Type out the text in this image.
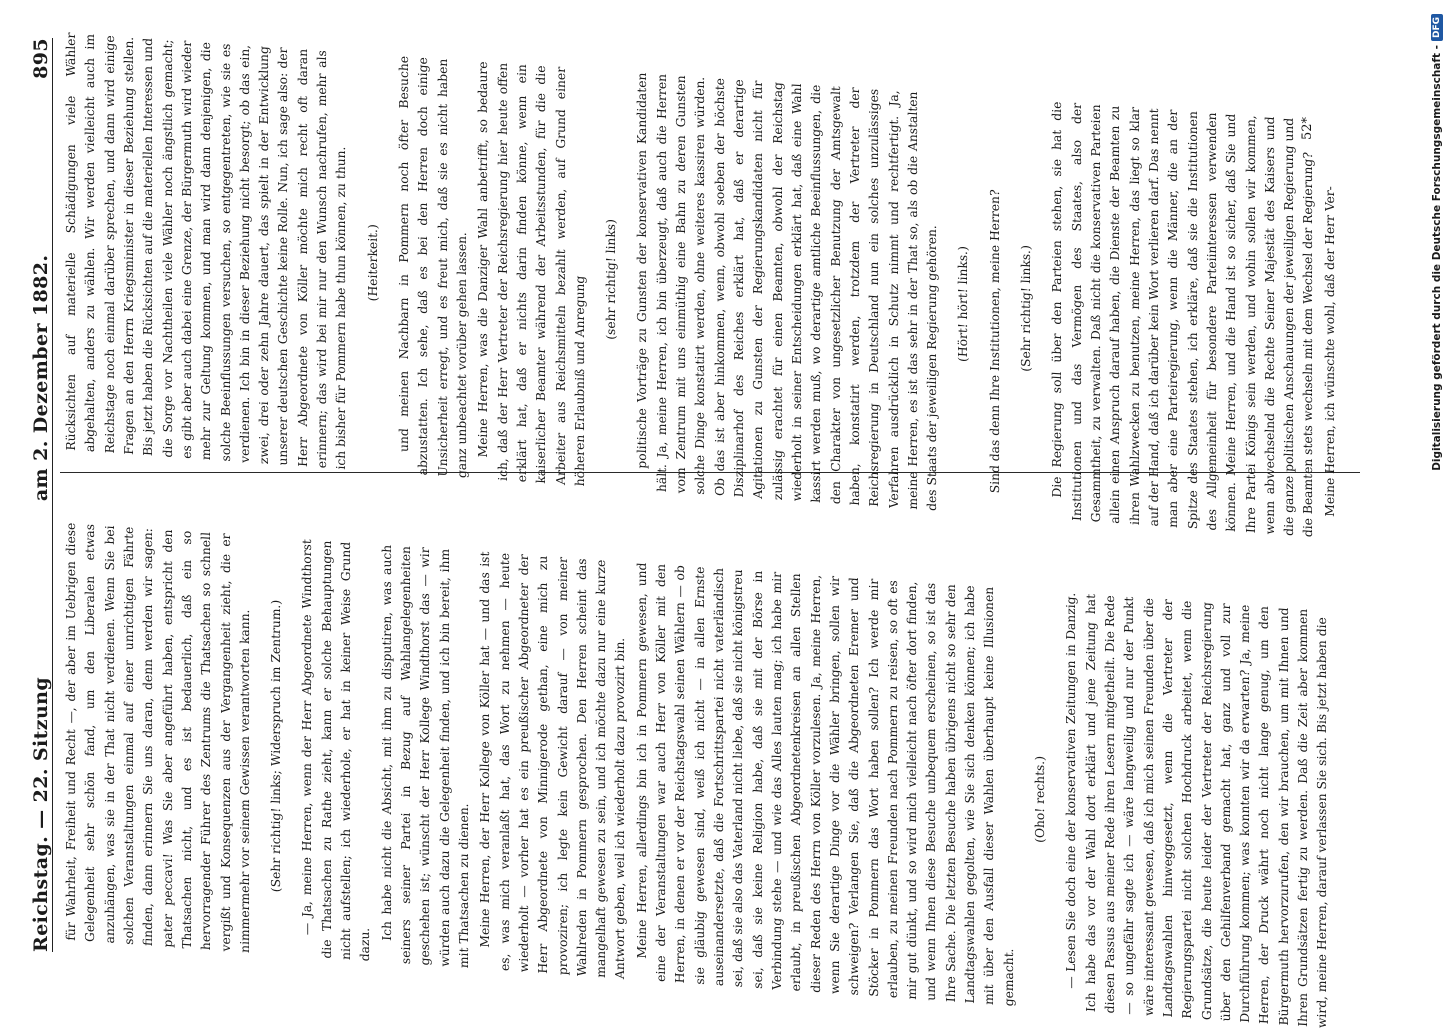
Reichstag. — 22. Sitzung
am 2. Dezember 1882.
895

für Wahrheit, Freiheit und Recht —, der aber im Uebrigen diese Gelegenheit sehr schön fand, um den Liberalen etwas anzuhängen, was sie in der That nicht verdienen. Wenn Sie bei solchen Veranstaltungen einmal auf einer unrichtigen Fährte finden, dann erinnern Sie uns daran, denn werden wir sagen: pater peccavi! Was Sie aber angeführt haben, entspricht den Thatsachen nicht, und es ist bedauerlich, daß ein so hervorragender Führer des Zentrums die Thatsachen so schnell vergißt und Konsequenzen aus der Vergangenheit zieht, die er nimmermehr vor seinem Gewissen verantworten kann. (Sehr richtig! links; Widerspruch im Zentrum.) — Ja, meine Herren, wenn der Herr Abgeordnete Windthorst die Thatsachen zu Rathe zieht, kann er solche Behauptungen nicht aufstellen; ich wiederhole, er hat in keiner Weise Grund dazu.

Ich habe nicht die Absicht, mit ihm zu disputiren, was auch seiners seiner Partei in Bezug auf Wahlangelegenheiten geschehen ist; wünscht der Herr Kollege Windthorst das — wir würden auch dazu die Gelegenheit finden, und ich bin bereit, ihm mit Thatsachen zu dienen. Meine Herren, der Herr Kollege von Köller hat — und das ist es, was mich veranlaßt hat, das Wort zu nehmen — heute wiederholt — vorher hat es ein preußischer Abgeordneter der Herr Abgeordnete von Minnigerode gethan, eine mich zu provoziren; ich legte kein Gewicht darauf — von meiner Wahlreden in Pommern gesprochen. Den Herren scheint das mangelhaft gewesen zu sein, und ich möchte dazu nur eine kurze Antwort geben, weil ich wiederholt dazu provozirt bin. Meine Herren, allerdings bin ich in Pommern gewesen, und eine der Veranstaltungen war auch Herr von Köller mit den Herren, in denen er vor der Reichstagswahl seinen Wählern — ob sie gläubig gewesen sind, weiß ich nicht — in allen Ernste auseinandersetzte, daß die Fortschrittspartei nicht vaterländisch sei, daß sie also das Vaterland nicht liebe, daß sie nicht königstreu sei, daß sie keine Religion habe, daß sie mit der Börse in Verbindung stehe — und wie das Alles lauten mag; ich habe mir erlaubt, in preußischen Abgeordnetenkreisen an allen Stellen dieser Reden des Herrn von Köller vorzulesen. Ja, meine Herren, wenn Sie derartige Dinge vor die Wähler bringen, sollen wir schweigen? Verlangen Sie, daß die Abgeordneten Eremer und Stöcker in Pommern das Wort haben sollen? Ich werde mir erlauben, zu meinen Freunden nach Pommern zu reisen, so oft es mir gut dünkt, und so wird mich vielleicht nach öfter dort finden, und wenn Ihnen diese Besuche unbequem erscheinen, so ist das Ihre Sache. Die letzten Besuche haben übrigens nicht so sehr den Landtagswahlen gegolten, wie Sie sich denken können; ich habe mit über den Ausfall dieser Wahlen überhaupt keine Illusionen gemacht.

(Oho! rechts.) — Lesen Sie doch eine der konservativen Zeitungen in Danzig. Ich habe das vor der Wahl dort erklärt und jene Zeitung hat diesen Passus aus meiner Rede ihren Lesern mitgetheilt. Die Rede — so ungefähr sagte ich — wäre langweilig und nur der Punkt wäre interessant gewesen, daß ich mich seinen Freunden über die Landtagswahlen hinweggesetzt, wenn die Vertreter der Regierungspartei nicht solchen Hochdruck arbeitet, wenn die Grundsätze, die heute leider der Vertreter der Reichsregierung über den Gehilfenverband gemacht hat, ganz und voll zur Durchführung kommen; was konnten wir da erwarten? Ja, meine Herren, der Druck währt noch nicht lange genug, um den Bürgermuth hervorzurufen, den wir brauchen, um mit Ihnen und Ihren Grundsätzen fertig zu werden. Daß die Zeit aber kommen wird, meine Herren, darauf verlassen Sie sich. Bis jetzt haben die

Rücksichten auf materielle Schädigungen viele Wähler abgehalten, anders zu wählen. Wir werden vielleicht auch im Reichstage noch einmal darüber sprechen, und dann wird einige Fragen an den Herrn Kriegsminister in dieser Beziehung stellen. Bis jetzt haben die Rücksichten auf die materiellen Interessen und die Sorge vor Nachtheilen viele Wähler noch ängstlich gemacht; es gibt aber auch dabei eine Grenze, der Bürgermuth wird wieder mehr zur Geltung kommen, und man wird dann denjenigen, die solche Beeinflussungen versuchen, so entgegentreten, wie sie es verdienen. Ich bin in dieser Beziehung nicht besorgt; ob das ein, zwei, drei oder zehn Jahre dauert, das spielt in der Entwicklung unserer deutschen Geschichte keine Rolle. Nun, ich sage also: der Herr Abgeordnete von Köller möchte mich recht oft daran erinnern; das wird bei mir nur den Wunsch nachrufen, mehr als ich bisher für Pommern habe thun können, zu thun. (Heiterkeit.) und meinen Nachbarn in Pommern noch öfter Besuche abzustatten. Ich sehe, daß es bei den Herren doch einige Unsicherheit erregt, und es freut mich, daß sie es nicht haben ganz unbeachtet vorüber gehen lassen. Meine Herren, was die Danziger Wahl anbetrifft, so bedaure ich, daß der Herr Vertreter der Reichsregierung hier heute offen erklärt hat, daß er nichts darin finden könne, wenn ein kaiserlicher Beamter während der Arbeitsstunden, für die die Arbeiter aus Reichsmitteln bezahlt werden, auf Grund einer höheren Erlaubniß und Anregung (sehr richtig! links) politische Vorträge zu Gunsten der konservativen Kandidaten hält. Ja, meine Herren, ich bin überzeugt, daß auch die Herren vom Zentrum mit uns einmüthig eine Bahn zu deren Gunsten solche Dinge konstatirt werden, ohne weiteres kassiren würden. Ob das ist aber hinkommen, wenn, obwohl soeben der höchste Disziplinarhof des Reiches erklärt hat, daß er derartige Agitationen zu Gunsten der Regierungskandidaten nicht für zulässig erachtet für einen Beamten, obwohl der Reichstag wiederholt in seiner Entscheidungen erklärt hat, daß eine Wahl kassirt werden muß, wo derartige amtliche Beeinflussungen, die den Charakter von ungesetzlicher Benutzung der Amtsgewalt haben, konstatirt werden, trotzdem der Vertreter der Reichsregierung in Deutschland nun ein solches unzulässiges Verfahren ausdrücklich in Schutz nimmt und rechtfertigt. Ja, meine Herren, es ist das sehr in der That so, als ob die Anstalten des Staats der jeweiligen Regierung gehören. (Hört! hört! links.) Sind das denn Ihre Institutionen, meine Herren? (Sehr richtig! links.) Die Regierung soll über den Parteien stehen, sie hat die Institutionen und das Vermögen des Staates, also der Gesammtheit, zu verwalten. Daß nicht die konservativen Parteien allein einen Anspruch darauf haben, die Dienste der Beamten zu ihren Wahlzwecken zu benutzen, meine Herren, das liegt so klar auf der Hand, daß ich darüber kein Wort verlieren darf. Das nennt man aber eine Parteiregierung, wenn die Männer, die an der Spitze des Staates stehen, ich erkläre, daß sie die Institutionen des Allgemeinheit für besondere Parteiinteressen verwenden können. Meine Herren, und die Hand ist so sicher, daß Sie und Ihre Partei Königs sein werden, und wohin sollen wir kommen, wenn abwechselnd die Rechte Seiner Majestät des Kaisers und die ganze politischen Anschauungen der jeweiligen Regierung und die Beamten stets wechseln mit dem Wechsel der Regierung? Meine Herren, ich wünschte wohl, daß der Herr Ver-

52*	Digitalisierung gefördert durch die Deutsche Forschungsgemeinschaft -
DFG
